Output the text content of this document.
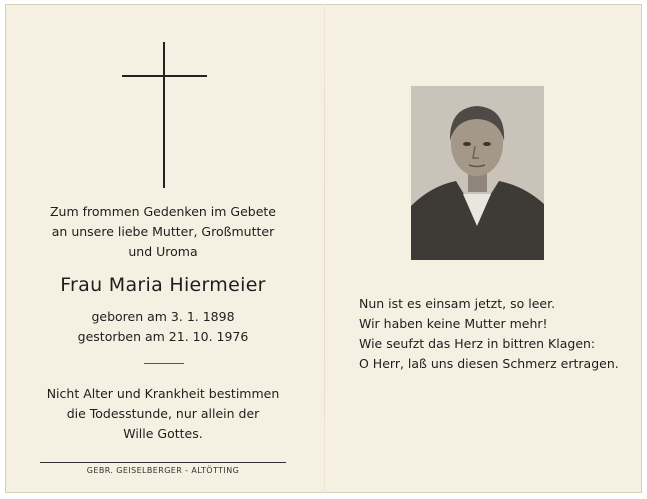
Zum frommen Gedenken im Gebete
an unsere liebe Mutter, Großmutter
und Uroma
Frau Maria Hiermeier
geboren am 3. 1. 1898
gestorben am 21. 10. 1976
Nicht Alter und Krankheit bestimmen
die Todesstunde, nur allein der
Wille Gottes.
GEBR. GEISELBERGER - ALTÖTTING
Nun ist es einsam jetzt, so leer.
Wir haben keine Mutter mehr!
Wie seufzt das Herz in bittren Klagen:
O Herr, laß uns diesen Schmerz ertragen.
